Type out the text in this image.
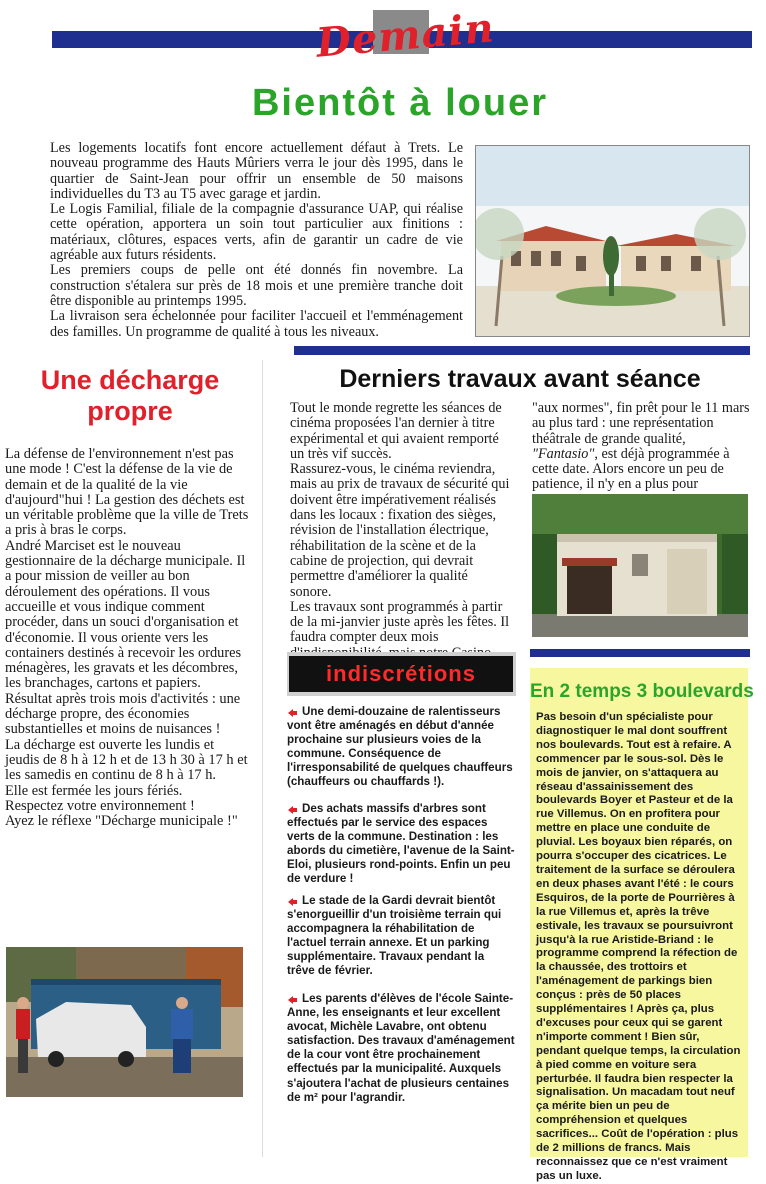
Demain
Bientôt à louer
Les logements locatifs font encore actuellement défaut à Trets. Le nouveau programme des Hauts Mûriers verra le jour dès 1995, dans le quartier de Saint-Jean pour offrir un ensemble de 50 maisons individuelles du T3 au T5 avec garage et jardin.
Le Logis Familial, filiale de la compagnie d'assurance UAP, qui réalise cette opération, apportera un soin tout particulier aux finitions : matériaux, clôtures, espaces verts, afin de garantir un cadre de vie agréable aux futurs résidents.
Les premiers coups de pelle ont été donnés fin novembre. La construction s'étalera sur près de 18 mois et une première tranche doit être disponible au printemps 1995.
La livraison sera échelonnée pour faciliter l'accueil et l'emménagement des familles. Un programme de qualité à tous les niveaux.
Une décharge
propre

La défense de l'environnement n'est pas une mode ! C'est la défense de la vie de demain et de la qualité de la vie d'aujourd"hui ! La gestion des déchets est un véritable problème que la ville de Trets a pris à bras le corps.

André Marciset est le nouveau gestionnaire de la décharge municipale. Il a pour mission de veiller au bon déroulement des opérations. Il vous accueille et vous indique comment procéder, dans un souci d'organisation et d'économie. Il vous oriente vers les containers destinés à recevoir les ordures ménagères, les gravats et les décombres, les branchages, cartons et papiers.

Résultat après trois mois d'activités : une décharge propre, des économies substantielles et moins de nuisances !

La décharge est ouverte les lundis et jeudis de 8 h à 12 h et de 13 h 30 à 17 h et les samedis en continu de 8 h à 17 h.

Elle est fermée les jours fériés.

Respectez votre environnement !

Ayez le réflexe "Décharge municipale !"

Derniers travaux avant séance
Tout le monde regrette les séances de cinéma proposées l'an dernier à titre expérimental et qui avaient remporté un très vif succès.
Rassurez-vous, le cinéma reviendra, mais au prix de travaux de sécurité qui doivent être impérativement réalisés dans les locaux : fixation des sièges, révision de l'installation électrique, réhabilitation de la scène et de la cabine de projection, qui devrait permettre d'améliorer la qualité sonore.
Les travaux sont programmés à partir de la mi-janvier juste après les fêtes. Il faudra compter deux mois
"aux normes", fin prêt pour le 11 mars au plus tard : une représentation théâtrale de grande qualité, "Fantasio", est déjà programmée à cette date. Alors encore un peu de patience, il n'y en a plus pour
indiscrétions
Une demi-douzaine de ralentisseurs vont être aménagés en début d'année prochaine sur plusieurs voies de la commune. Conséquence de l'irresponsabilité de quelques chauffeurs (chauffeurs ou chauffards !).
Des achats massifs d'arbres sont effectués par le service des espaces verts de la commune. Destination : les abords du cimetière, l'avenue de la Saint-Eloi, plusieurs rond-points. Enfin un peu de verdure !
Le stade de la Gardi devrait bientôt s'enorgueillir d'un troisième terrain qui accompagnera la réhabilitation de l'actuel terrain annexe. Et un parking supplémentaire. Travaux pendant la trêve de février.
Les parents d'élèves de l'école Sainte-Anne, les enseignants et leur excellent avocat, Michèle Lavabre, ont obtenu satisfaction. Des travaux d'aménagement de la cour vont être prochainement effectués par la municipalité. Auxquels s'ajoutera l'achat de plusieurs centaines de m² pour l'agrandir.
En 2 temps 3 boulevards
Pas besoin d'un spécialiste pour diagnostiquer le mal dont souffrent nos boulevards. Tout est à refaire. A commencer par le sous-sol. Dès le mois de janvier, on s'attaquera au réseau d'assainissement des boulevards Boyer et Pasteur et de la rue Villemus. On en profitera pour mettre en place une conduite de pluvial. Les boyaux bien réparés, on pourra s'occuper des cicatrices. Le traitement de la surface se déroulera en deux phases avant l'été : le cours Esquiros, de la porte de Pourrières à la rue Villemus et, après la trêve estivale, les travaux se poursuivront jusqu'à la rue Aristide-Briand : le programme comprend la réfection de la chaussée, des trottoirs et l'aménagement de parkings bien conçus : près de 50 places supplémentaires ! Après ça, plus d'excuses pour ceux qui se garent n'importe comment ! Bien sûr, pendant quelque temps, la circulation à pied comme en voiture sera perturbée. Il faudra bien respecter la signalisation. Un macadam tout neuf ça mérite bien un peu de compréhension et quelques sacrifices... Coût de l'opération : plus de 2 millions de francs. Mais reconnaissez que ce n'est vraiment pas un luxe.
